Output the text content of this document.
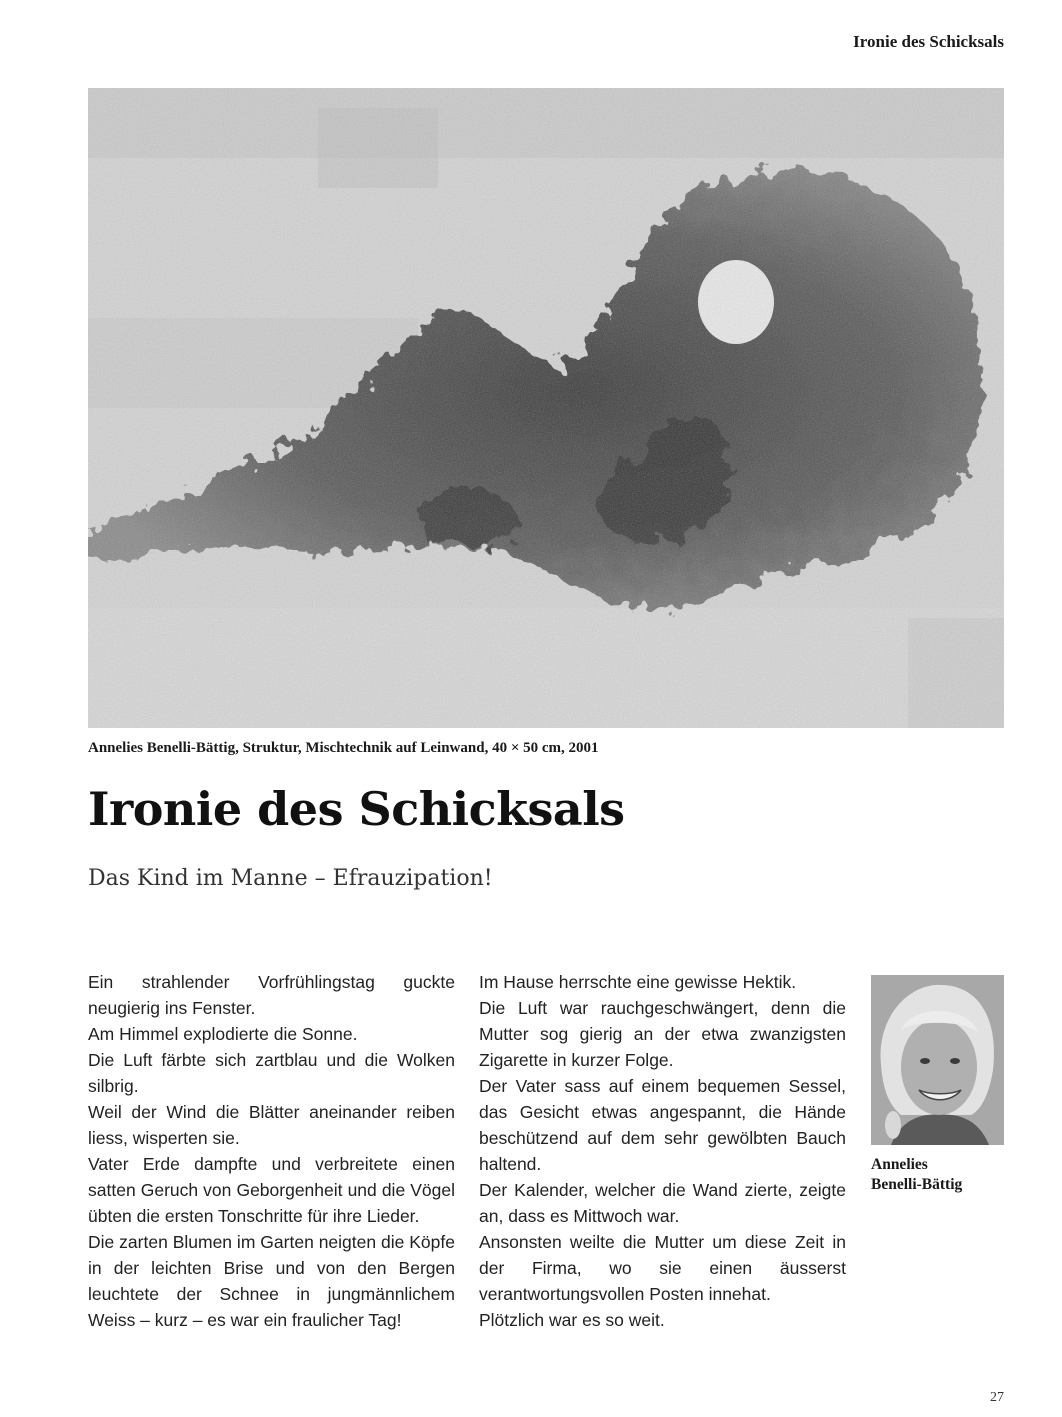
Ironie des Schicksals
Annelies Benelli-Bättig, Struktur, Mischtechnik auf Leinwand, 40 × 50 cm, 2001
Ironie des Schicksals
Das Kind im Manne – Efrauzipation!

Ein strahlender Vorfrühlingstag guckte neugierig ins Fenster.

Am Himmel explodierte die Sonne.

Die Luft färbte sich zartblau und die Wolken silbrig.

Weil der Wind die Blätter aneinander reiben liess, wisperten sie.

Vater Erde dampfte und verbreitete einen satten Geruch von Geborgenheit und die Vögel übten die ersten Tonschritte für ihre Lieder.

Die zarten Blumen im Garten neigten die Köpfe in der leichten Brise und von den Bergen leuchtete der Schnee in jungmännlichem Weiss – kurz – es war ein fraulicher Tag!

Im Hause herrschte eine gewisse Hektik.

Die Luft war rauchgeschwängert, denn die Mutter sog gierig an der etwa zwanzigsten Zigarette in kurzer Folge.

Der Vater sass auf einem bequemen Sessel, das Gesicht etwas angespannt, die Hände beschützend auf dem sehr gewölbten Bauch haltend.

Der Kalender, welcher die Wand zierte, zeigte an, dass es Mittwoch war.

Ansonsten weilte die Mutter um diese Zeit in der Firma, wo sie einen äusserst verantwortungsvollen Posten innehat.

Plötzlich war es so weit.

Annelies
Benelli-Bättig
27
